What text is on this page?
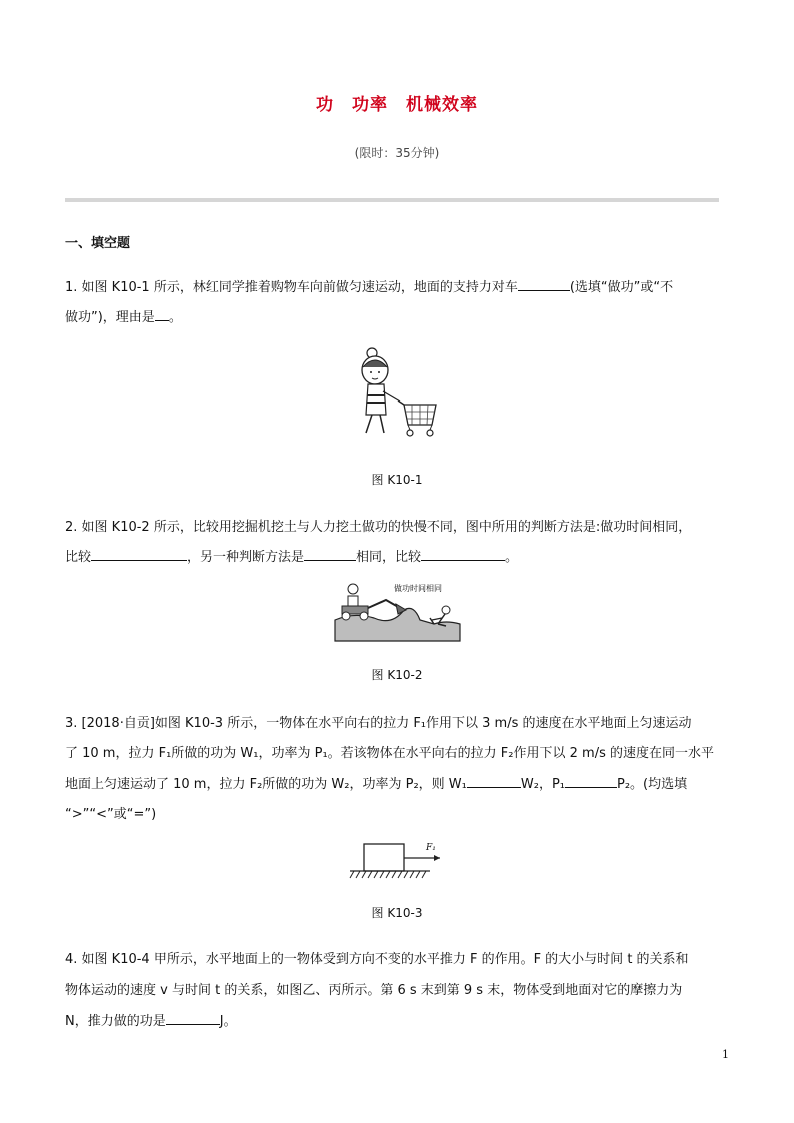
功　功率　机械效率
(限时：35分钟)
一、填空题
1. 如图 K10-1 所示，林红同学推着购物车向前做匀速运动，地面的支持力对车	(选填“做功”或“不
做功”)，理由是 。
图 K10-1
2. 如图 K10-2 所示，比较用挖掘机挖土与人力挖土做功的快慢不同，图中所用的判断方法是:做功时间相同，
比较	，另一种判断方法是	相同，比较	。
做功时间相同
图 K10-2
3. [2018·自贡]如图 K10-3 所示，一物体在水平向右的拉力 F₁作用下以 3 m/s 的速度在水平地面上匀速运动
了 10 m，拉力 F₁所做的功为 W₁，功率为 P₁。若该物体在水平向右的拉力 F₂作用下以 2 m/s 的速度在同一水平
地面上匀速运动了 10 m，拉力 F₂所做的功为 W₂，功率为 P₂，则 W₁	W₂，P₁	P₂。(均选填
“>”“<”或“=”)
F₁
图 K10-3
4. 如图 K10-4 甲所示，水平地面上的一物体受到方向不变的水平推力 F 的作用。F 的大小与时间 t 的关系和
物体运动的速度 v 与时间 t 的关系，如图乙、丙所示。第 6 s 末到第 9 s 末，物体受到地面对它的摩擦力为
N，推力做的功是	J。
1
